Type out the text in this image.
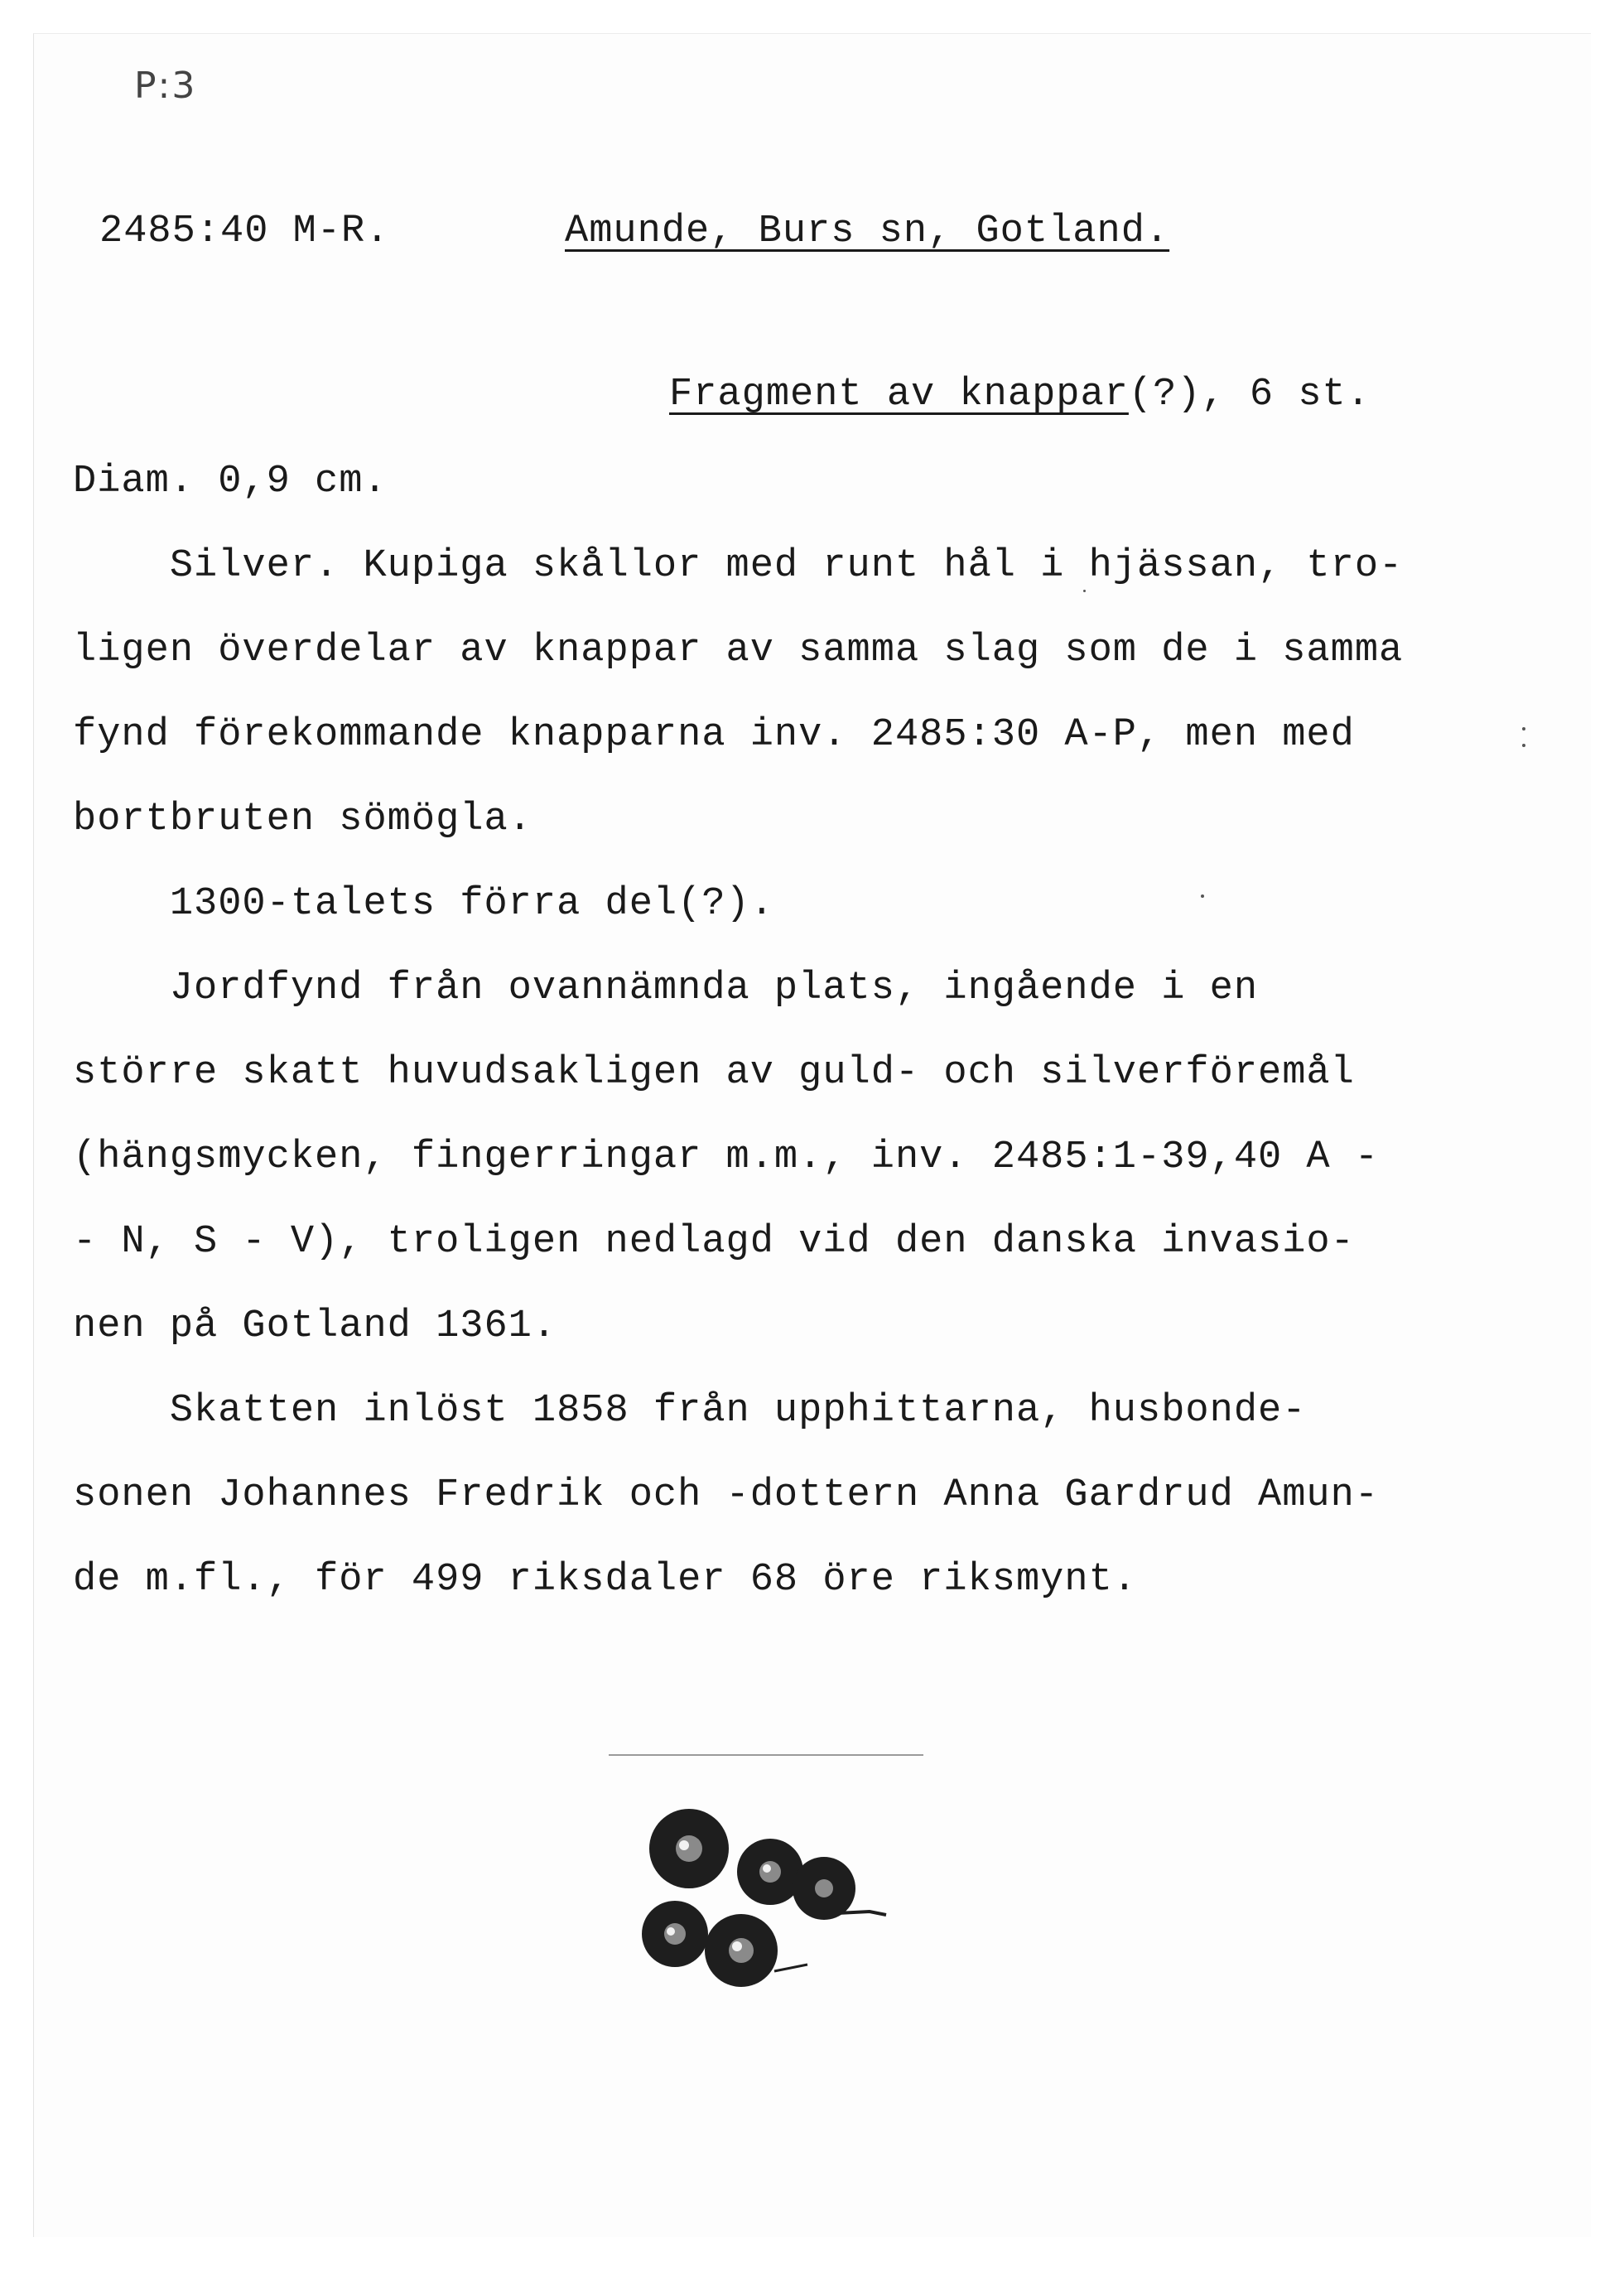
P:3
2485:40 M-R.	Amunde, Burs sn, Gotland.
Fragment av knappar(?), 6 st.
Diam. 0,9 cm.
Silver. Kupiga skållor med runt hål i hjässan, tro-
ligen överdelar av knappar av samma slag som de i samma
fynd förekommande knapparna inv. 2485:30 A-P, men med
bortbruten sömögla.
1300-talets förra del(?).
Jordfynd från ovannämnda plats, ingående i en
större skatt huvudsakligen av guld- och silverföremål
(hängsmycken, fingerringar m.m., inv. 2485:1-39,40 A -
- N, S - V), troligen nedlagd vid den danska invasio-
nen på Gotland 1361.
Skatten inlöst 1858 från upphittarna, husbonde-
sonen Johannes Fredrik och -dottern Anna Gardrud Amun-
de m.fl., för 499 riksdaler 68 öre riksmynt.
